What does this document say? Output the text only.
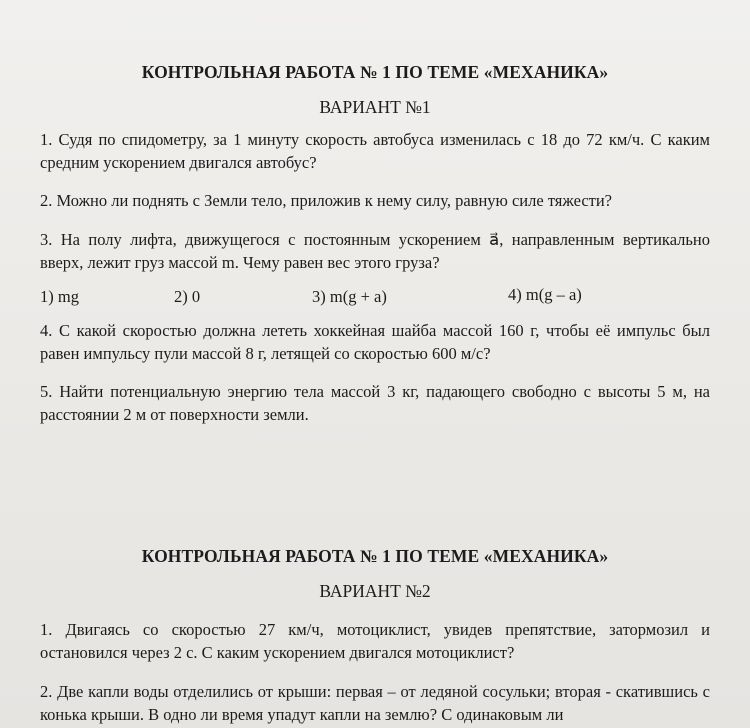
КОНТРОЛЬНАЯ РАБОТА № 1 ПО ТЕМЕ «МЕХАНИКА»
ВАРИАНТ №1
1. Судя по спидометру, за 1 минуту скорость автобуса изменилась с 18 до 72 км/ч. С каким средним ускорением двигался автобус?
2. Можно ли поднять с Земли тело, приложив к нему силу, равную силе тяжести?
3. На полу лифта, движущегося с постоянным ускорением a⃗, направленным вертикально вверх, лежит груз массой m. Чему равен вес этого груза?
1) mg	2) 0	3) m(g + a)	4) m(g – a)
4. С какой скоростью должна лететь хоккейная шайба массой 160 г, чтобы её импульс был равен импульсу пули массой 8 г, летящей со скоростью 600 м/с?
5. Найти потенциальную энергию тела массой 3 кг, падающего свободно с высоты 5 м, на расстоянии 2 м от поверхности земли.
КОНТРОЛЬНАЯ РАБОТА № 1 ПО ТЕМЕ «МЕХАНИКА»
ВАРИАНТ №2
1. Двигаясь со скоростью 27 км/ч, мотоциклист, увидев препятствие, затормозил и остановился через 2 с. С каким ускорением двигался мотоциклист?
2. Две капли воды отделились от крыши: первая – от ледяной сосульки; вторая - скатившись с конька крыши. В одно ли время упадут капли на землю? С одинаковым ли
